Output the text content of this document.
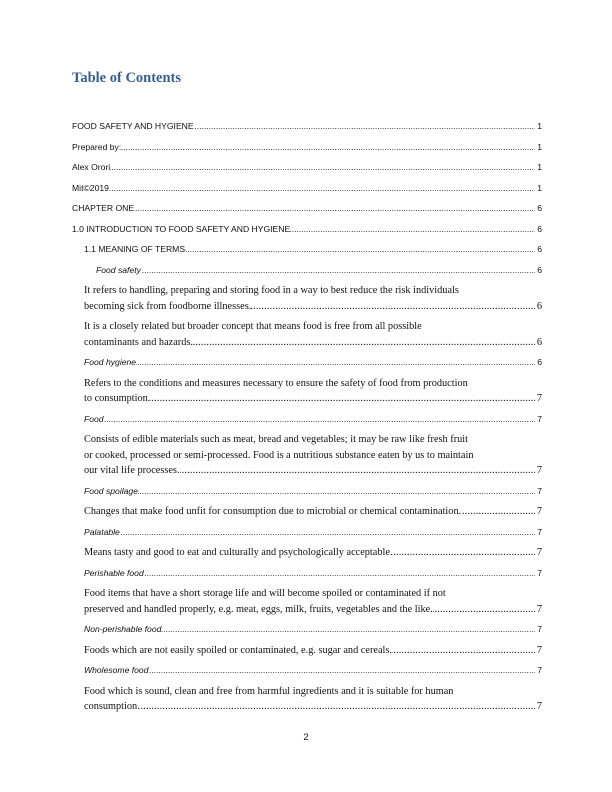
Table of Contents
FOOD SAFETY AND HYGIENE . . .	1
Prepared by: . . .	1
Alex Orori . . .	1
Mit©2019 . . .	1
CHAPTER ONE . . .	6
1.0 INTRODUCTION TO FOOD SAFETY AND HYGIENE . . .	6
1.1 MEANING OF TERMS . . .	6
Food safety . . .	6
It refers to handling, preparing and storing food in a way to best reduce the risk individuals
becoming sick from foodborne illnesses. . . .	6
It is a closely related but broader concept that means food is free from all possible
contaminants and hazards. . . .	6
Food hygiene . . .	6
Refers to the conditions and measures necessary to ensure the safety of food from production
to consumption. . . .	7
Food . . .	7
Consists of edible materials such as meat, bread and vegetables; it may be raw like fresh fruit
or cooked, processed or semi-processed. Food is a nutritious substance eaten by us to maintain
our vital life processes. . . .	7
Food spoilage . . .	7
Changes that make food unfit for consumption due to microbial or chemical contamination. . . .	7
Palatable . . .	7
Means tasty and good to eat and culturally and psychologically acceptable. . . .	7
Perishable food . . .	7
Food items that have a short storage life and will become spoiled or contaminated if not
preserved and handled properly, e.g. meat, eggs, milk, fruits, vegetables and the like. . . .	7
Non-perishable food . . .	7
Foods which are not easily spoiled or contaminated, e.g. sugar and cereals. . . .	7
Wholesome food . . .	7
Food which is sound, clean and free from harmful ingredients and it is suitable for human
consumption. . . .	7
2
